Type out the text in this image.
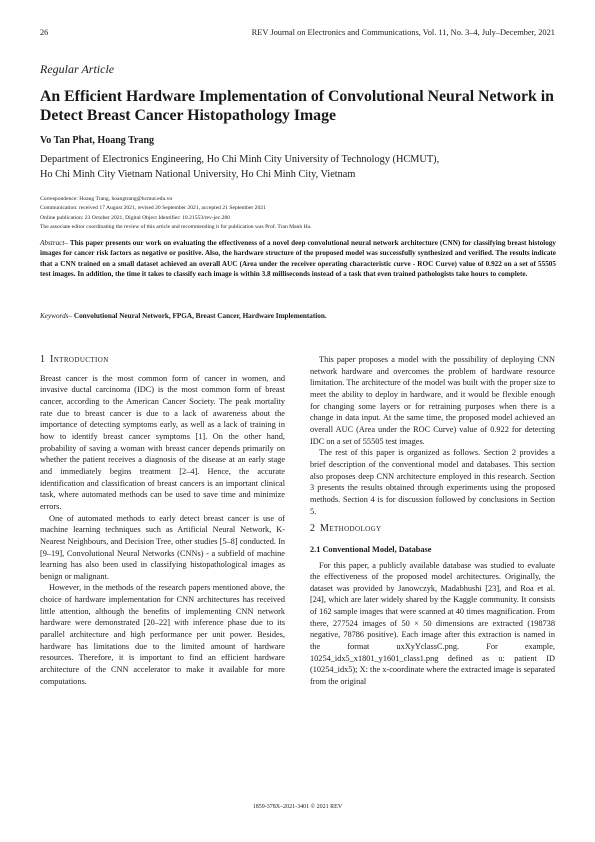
26	REV Journal on Electronics and Communications, Vol. 11, No. 3–4, July–December, 2021
Regular Article
An Efficient Hardware Implementation of Convolutional Neural Network in Detect Breast Cancer Histopathology Image
Vo Tan Phat, Hoang Trang
Department of Electronics Engineering, Ho Chi Minh City University of Technology (HCMUT),
Ho Chi Minh City Vietnam National University, Ho Chi Minh City, Vietnam
Correspondence: Hoang Trang, hoangtrang@hcmut.edu.vn
Communication: received 17 August 2021, revised 20 September 2021, accepted 21 September 2021
Online publication: 23 October 2021, Digital Object Identifier: 10.21553/rev-jec.280
The associate editor coordinating the review of this article and recommending it for publication was Prof. Tran Manh Ha.
Abstract– This paper presents our work on evaluating the effectiveness of a novel deep convolutional neural network architecture (CNN) for classifying breast histology images for cancer risk factors as negative or positive. Also, the hardware structure of the proposed model was successfully synthesized and verified. The results indicate that a CNN trained on a small dataset achieved an overall AUC (Area under the receiver operating characteristic curve - ROC Curve) value of 0.922 on a set of 55505 test images. In addition, the time it takes to classify each image is within 3.8 milliseconds instead of a task that even trained pathologists take hours to complete.
Keywords– Convolutional Neural Network, FPGA, Breast Cancer, Hardware Implementation.
1 Introduction

Breast cancer is the most common form of cancer in women, and invasive ductal carcinoma (IDC) is the most common form of breast cancer, according to the American Cancer Society. The peak mortality rate due to breast cancer is due to a lack of awareness about the importance of detecting symptoms early, as well as a lack of training in how to identify breast cancer symptoms [1]. On the other hand, probability of saving a woman with breast cancer depends primarily on whether the patient receives a diagnosis of the disease at an early stage and immediately begins treatment [2–4]. Hence, the accurate identification and classification of breast cancers is an important clinical task, where automated methods can be used to save time and minimize errors.

One of automated methods to early detect breast cancer is use of machine learning techniques such as Artificial Neural Network, K-Nearest Neighbours, and Decision Tree, other studies [5–8] conducted. In [9–19], Convolutional Neural Networks (CNNs) - a subfield of machine learning has also been used in classifying histopathological images as benign or malignant.

However, in the methods of the research papers mentioned above, the choice of hardware implementation for CNN architectures has received little attention, although the benefits of implementing CNN network hardware were demonstrated [20–22] with inference phase due to its parallel architecture and high performance per unit power. Besides, hardware has limitations due to the limited amount of hardware resources. Therefore, it is important to find an efficient hardware architecture of the CNN accelerator to make it available for more computations.

This paper proposes a model with the possibility of deploying CNN network hardware and overcomes the problem of hardware resource limitation. The architecture of the model was built with the proper size to meet the ability to deploy in hardware, and it would be flexible enough for changing some layers or for retraining purposes when there is a change in data input. At the same time, the proposed model achieved an overall AUC (Area under the ROC Curve) value of 0.922 for detecting IDC on a set of 55505 test images.

The rest of this paper is organized as follows. Section 2 provides a brief description of the conventional model and databases. This section also proposes deep CNN architecture employed in this research. Section 3 presents the results obtained through experiments using the proposed methods. Section 4 is for discussion followed by conclusions in Section 5.

2 Methodology
2.1 Conventional Model, Database

For this paper, a publicly available database was studied to evaluate the effectiveness of the proposed model architectures. Originally, the dataset was provided by Janowczyk, Madabhushi [23], and Roa et al. [24], which are later widely shared by the Kaggle community. It consists of 162 sample images that were scanned at 40 times magnification. From there, 277524 images of 50 × 50 dimensions are extracted (198738 negative, 78786 positive). Each image after this extraction is named in the format uxXyYclassC.png. For example, 10254_idx5_x1801_y1601_class1.png defined as u: patient ID (10254_idx5); X: the x-coordinate where the extracted image is separated from the original

1859-378X–2021-3401 © 2021 REV
